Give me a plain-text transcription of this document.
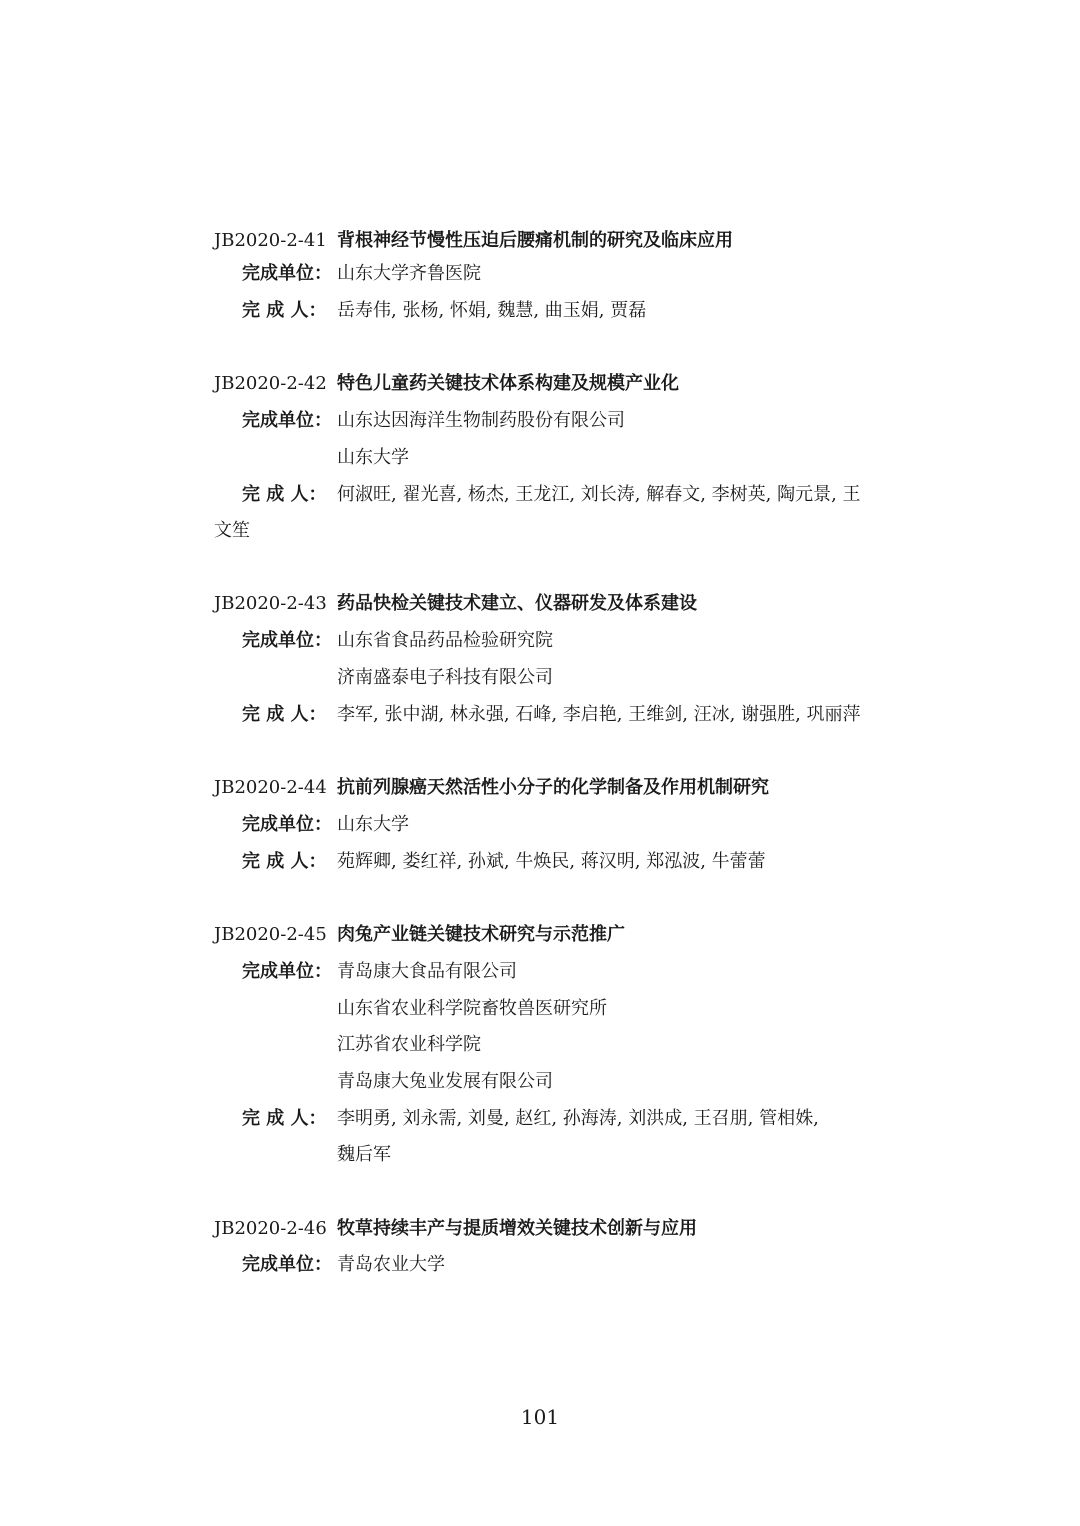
JB2020-2-41 背根神经节慢性压迫后腰痛机制的研究及临床应用
完成单位： 山东大学齐鲁医院
完 成 人： 岳寿伟, 张杨, 怀娟, 魏慧, 曲玉娟, 贾磊
JB2020-2-42 特色儿童药关键技术体系构建及规模产业化
完成单位： 山东达因海洋生物制药股份有限公司
山东大学
完 成 人： 何淑旺, 翟光喜, 杨杰, 王龙江, 刘长涛, 解春文, 李树英, 陶元景, 王
文笙
JB2020-2-43 药品快检关键技术建立、仪器研发及体系建设
完成单位： 山东省食品药品检验研究院
济南盛泰电子科技有限公司
完 成 人： 李军, 张中湖, 林永强, 石峰, 李启艳, 王维剑, 汪冰, 谢强胜, 巩丽萍
JB2020-2-44 抗前列腺癌天然活性小分子的化学制备及作用机制研究
完成单位： 山东大学
完 成 人： 苑辉卿, 娄红祥, 孙斌, 牛焕民, 蒋汉明, 郑泓波, 牛蕾蕾
JB2020-2-45 肉兔产业链关键技术研究与示范推广
完成单位： 青岛康大食品有限公司
山东省农业科学院畜牧兽医研究所
江苏省农业科学院
青岛康大兔业发展有限公司
完 成 人： 李明勇, 刘永需, 刘曼, 赵红, 孙海涛, 刘洪成, 王召朋, 管相姝,
魏后军
JB2020-2-46 牧草持续丰产与提质增效关键技术创新与应用
完成单位： 青岛农业大学
101
